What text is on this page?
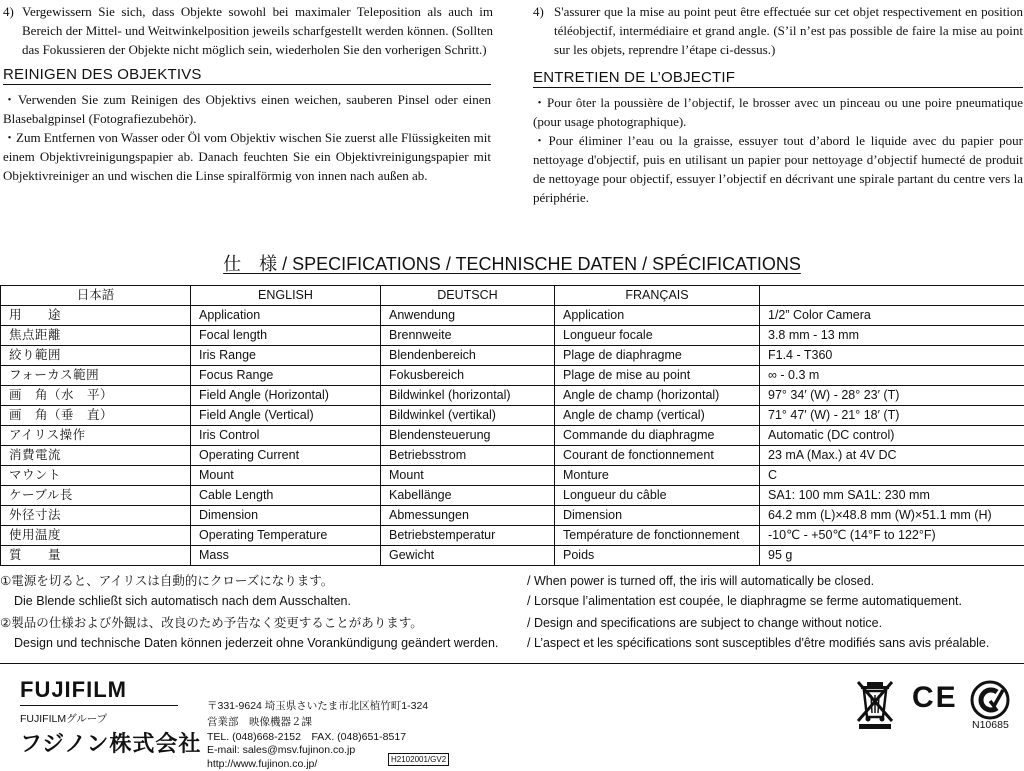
4) Vergewissern Sie sich, dass Objekte sowohl bei maximaler Teleposition als auch im Bereich der Mittel- und Weitwinkelposition jeweils scharfgestellt werden können. (Sollten das Fokussieren der Objekte nicht möglich sein, wiederholen Sie den vorherigen Schritt.)
4) S'assurer que la mise au point peut être effectuée sur cet objet respectivement en position téléobjectif, intermédiaire et grand angle. (S’il n’est pas possible de faire la mise au point sur les objets, reprendre l’étape ci-dessus.)
REINIGEN DES OBJEKTIVS

・Verwenden Sie zum Reinigen des Objektivs einen weichen, sauberen Pinsel oder einen Blasebalgpinsel (Fotografiezubehör).

・Zum Entfernen von Wasser oder Öl vom Objektiv wischen Sie zuerst alle Flüssigkeiten mit einem Objektivreinigungspapier ab. Danach feuchten Sie ein Objektivreinigungspapier mit Objektivreiniger an und wischen die Linse spiralförmig von innen nach außen ab.

ENTRETIEN DE L’OBJECTIF

・Pour ôter la poussière de l’objectif, le brosser avec un pinceau ou une poire pneumatique (pour usage photographique).

・Pour éliminer l’eau ou la graisse, essuyer tout d’abord le liquide avec du papier pour nettoyage d'objectif, puis en utilisant un papier pour nettoyage d’objectif humecté de produit de nettoyage pour objectif, essuyer l’objectif en décrivant une spirale partant du centre vers la périphérie.

仕　様 / SPECIFICATIONS / TECHNISCHE DATEN / SPÉCIFICATIONS
日本語	ENGLISH	DEUTSCH	FRANÇAIS	
用　　途	Application	Anwendung	Application	1/2” Color Camera
焦点距離	Focal length	Brennweite	Longueur focale	3.8 mm - 13 mm
絞り範囲	Iris Range	Blendenbereich	Plage de diaphragme	F1.4 - T360
フォーカス範囲	Focus Range	Fokusbereich	Plage de mise au point	∞ - 0.3 m
画　角（水　平）	Field Angle (Horizontal)	Bildwinkel (horizontal)	Angle de champ (horizontal)	97° 34′ (W) - 28° 23′ (T)
画　角（垂　直）	Field Angle (Vertical)	Bildwinkel (vertikal)	Angle de champ (vertical)	71° 47′ (W) - 21° 18′ (T)
アイリス操作	Iris Control	Blendensteuerung	Commande du diaphragme	Automatic (DC control)
消費電流	Operating Current	Betriebsstrom	Courant de fonctionnement	23 mA (Max.) at 4V DC
マウント	Mount	Mount	Monture	C
ケーブル長	Cable Length	Kabellänge	Longueur du câble	SA1: 100 mm SA1L: 230 mm
外径寸法	Dimension	Abmessungen	Dimension	64.2 mm (L)×48.8 mm (W)×51.1 mm (H)
使用温度	Operating Temperature	Betriebstemperatur	Température de fonctionnement	-10℃ - +50℃ (14°F to 122°F)
質　　量	Mass	Gewicht	Poids	95 g
①電源を切ると、アイリスは自動的にクローズになります。
Die Blende schließt sich automatisch nach dem Ausschalten.
/ When power is turned off, the iris will automatically be closed.
/ Lorsque l’alimentation est coupée, le diaphragme se ferme automatiquement.
②製品の仕様および外観は、改良のため予告なく変更することがあります。
Design und technische Daten können jederzeit ohne Vorankündigung geändert werden.
/ Design and specifications are subject to change without notice.
/ L’aspect et les spécifications sont susceptibles d'être modifiés sans avis préalable.
FUJIFILM
FUJIFILMグループ
フジノン株式会社
〒331-9624 埼玉県さいたま市北区植竹町1-324
営業部　映像機器２課
TEL. (048)668-2152　FAX. (048)651-8517
E-mail: sales@msv.fujinon.co.jp
http://www.fujinon.co.jp/	H2102001/GV2
CE
N10685
